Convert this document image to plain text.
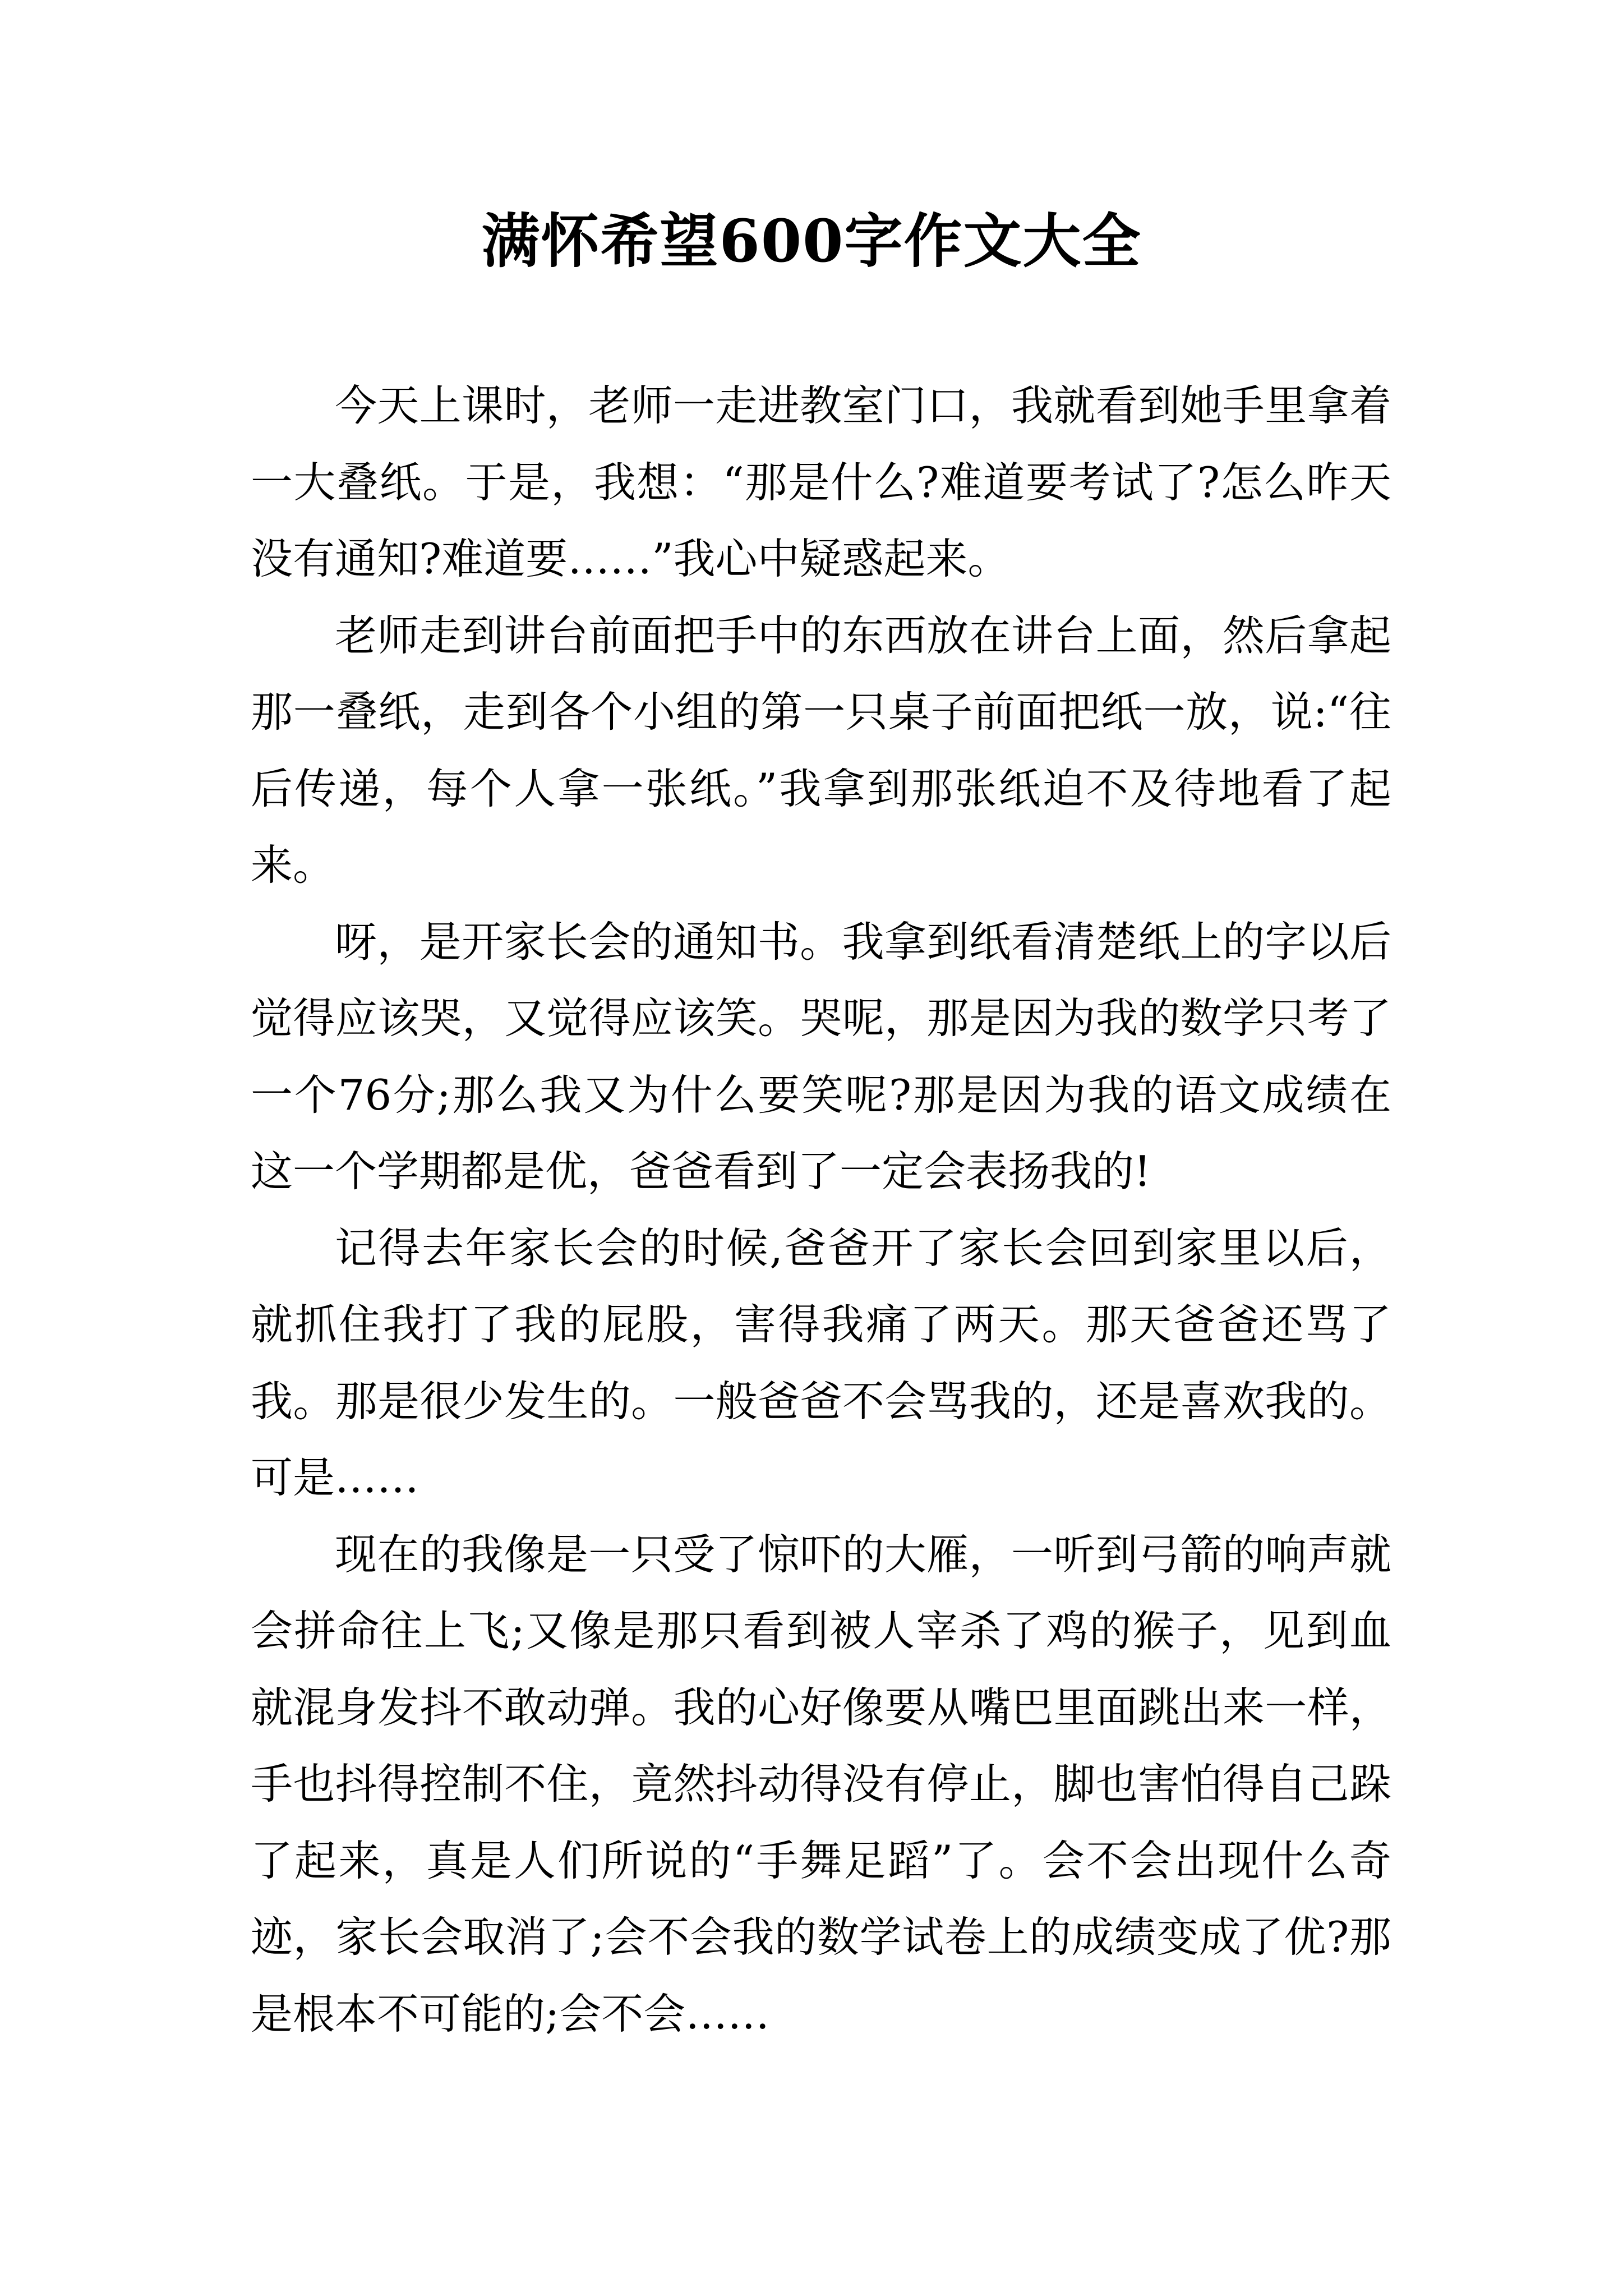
满怀希望600字作文大全

今天上课时，老师一走进教室门口，我就看到她手里拿着一大叠纸。于是，我想：“那是什么?难道要考试了?怎么昨天没有通知?难道要……”我心中疑惑起来。

老师走到讲台前面把手中的东西放在讲台上面，然后拿起那一叠纸，走到各个小组的第一只桌子前面把纸一放，说:“往后传递，每个人拿一张纸。”我拿到那张纸迫不及待地看了起来。

呀，是开家长会的通知书。我拿到纸看清楚纸上的字以后觉得应该哭，又觉得应该笑。哭呢，那是因为我的数学只考了一个76分;那么我又为什么要笑呢?那是因为我的语文成绩在这一个学期都是优，爸爸看到了一定会表扬我的!

记得去年家长会的时候,爸爸开了家长会回到家里以后，就抓住我打了我的屁股，害得我痛了两天。那天爸爸还骂了我。那是很少发生的。一般爸爸不会骂我的，还是喜欢我的。可是……

现在的我像是一只受了惊吓的大雁，一听到弓箭的响声就会拼命往上飞;又像是那只看到被人宰杀了鸡的猴子，见到血就混身发抖不敢动弹。我的心好像要从嘴巴里面跳出来一样，手也抖得控制不住，竟然抖动得没有停止，脚也害怕得自己跺了起来，真是人们所说的“手舞足蹈”了。会不会出现什么奇迹，家长会取消了;会不会我的数学试卷上的成绩变成了优?那是根本不可能的;会不会……
